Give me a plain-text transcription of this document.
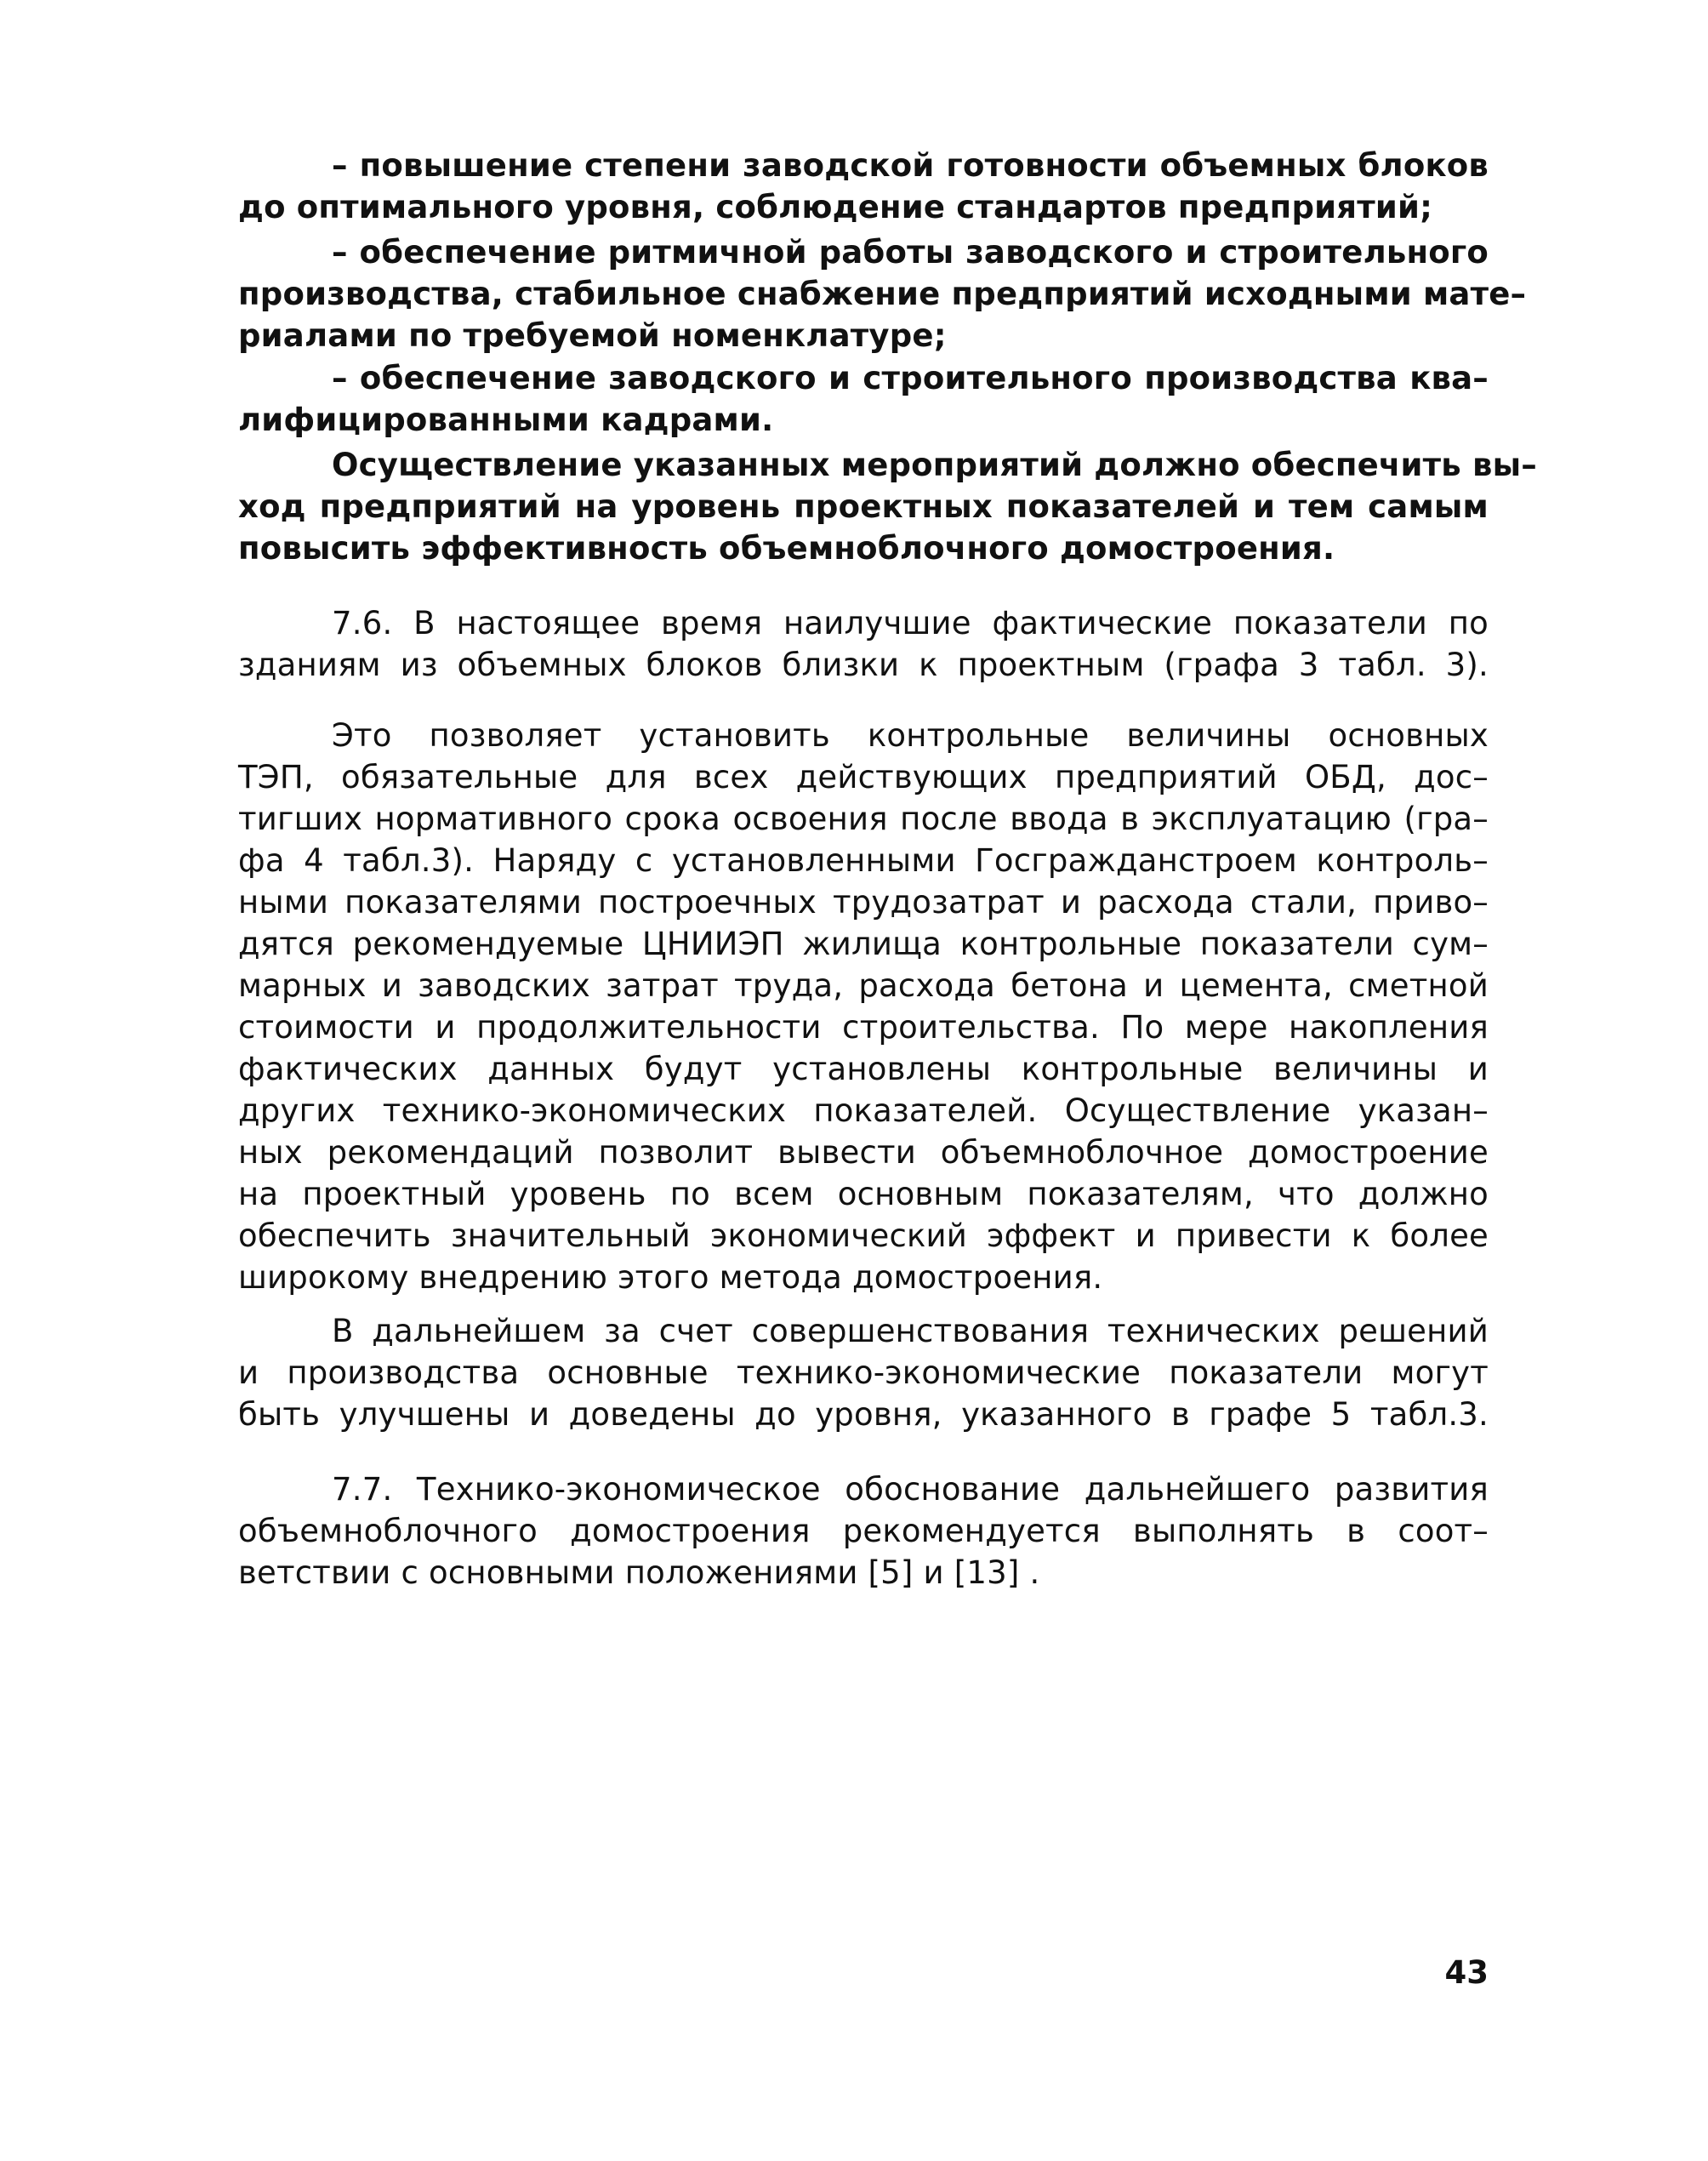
– повышение степени заводской готовности объемных блоков
до оптимального уровня, соблюдение стандартов предприятий;
– обеспечение ритмичной работы заводского и строительного
производства, стабильное снабжение предприятий исходными мате–
риалами по требуемой номенклатуре;
– обеспечение заводского и строительного производства ква–
лифицированными кадрами.
Осуществление указанных мероприятий должно обеспечить вы–
ход предприятий на уровень проектных показателей и тем самым
повысить эффективность объемноблочного домостроения.
7.6. В настоящее время наилучшие фактические показатели по
зданиям из объемных блоков близки к проектным (графа 3 табл. 3).
Это позволяет установить контрольные величины основных
ТЭП, обязательные для всех действующих предприятий ОБД, дос–
тигших нормативного срока освоения после ввода в эксплуатацию (гра–
фа 4 табл.3). Наряду с установленными Госгражданстроем контроль–
ными показателями построечных трудозатрат и расхода стали, приво–
дятся рекомендуемые ЦНИИЭП жилища контрольные показатели сум–
марных и заводских затрат труда, расхода бетона и цемента, сметной
стоимости и продолжительности строительства. По мере накопления
фактических данных будут установлены контрольные величины и
других технико-экономических показателей. Осуществление указан–
ных рекомендаций позволит вывести объемноблочное домостроение
на проектный уровень по всем основным показателям, что должно
обеспечить значительный экономический эффект и привести к более
широкому внедрению этого метода домостроения.
В дальнейшем за счет совершенствования технических решений
и производства основные технико-экономические показатели могут
быть улучшены и доведены до уровня, указанного в графе 5 табл.3.
7.7. Технико-экономическое обоснование дальнейшего развития
объемноблочного домостроения рекомендуется выполнять в соот–
ветствии с основными положениями [5] и [13] .
43
